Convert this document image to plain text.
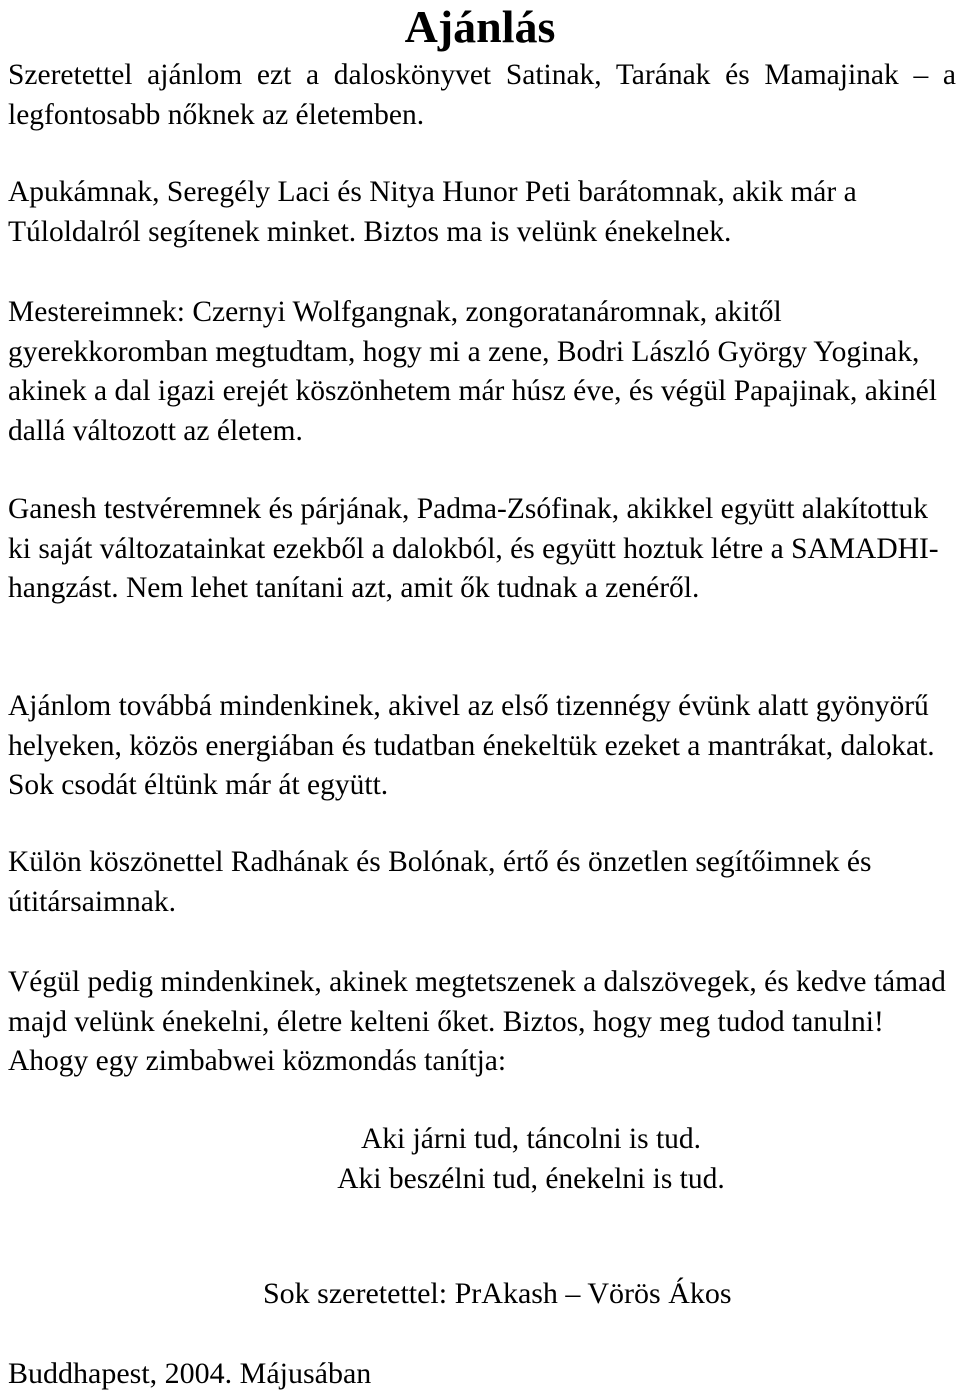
Ajánlás

Szeretettel ajánlom ezt a daloskönyvet Satinak, Tarának és Mamajinak – a legfontosabb nőknek az életemben.

Apukámnak, Seregély Laci és Nitya Hunor Peti barátomnak, akik már a Túloldalról segítenek minket. Biztos ma is velünk énekelnek.

Mestereimnek: Czernyi Wolfgangnak, zongoratanáromnak, akitől gyerekkoromban megtudtam, hogy mi a zene, Bodri László György Yoginak, akinek a dal igazi erejét köszönhetem már húsz éve, és végül Papajinak, akinél dallá változott az életem.

Ganesh testvéremnek és párjának, Padma-Zsófinak, akikkel együtt alakítottuk ki saját változatainkat ezekből a dalokból, és együtt hoztuk létre a SAMADHI-hangzást. Nem lehet tanítani azt, amit ők tudnak a zenéről.

Ajánlom továbbá mindenkinek, akivel az első tizennégy évünk alatt gyönyörű helyeken, közös energiában és tudatban énekeltük ezeket a mantrákat, dalokat. Sok csodát éltünk már át együtt.

Külön köszönettel Radhának és Bolónak, értő és önzetlen segítőimnek és útitársaimnak.

Végül pedig mindenkinek, akinek megtetszenek a dalszövegek, és kedve támad majd velünk énekelni, életre kelteni őket. Biztos, hogy meg tudod tanulni! Ahogy egy zimbabwei közmondás tanítja:

Aki járni tud, táncolni is tud.
Aki beszélni tud, énekelni is tud.
Sok szeretettel: PrAkash – Vörös Ákos
Buddhapest, 2004. Májusában
